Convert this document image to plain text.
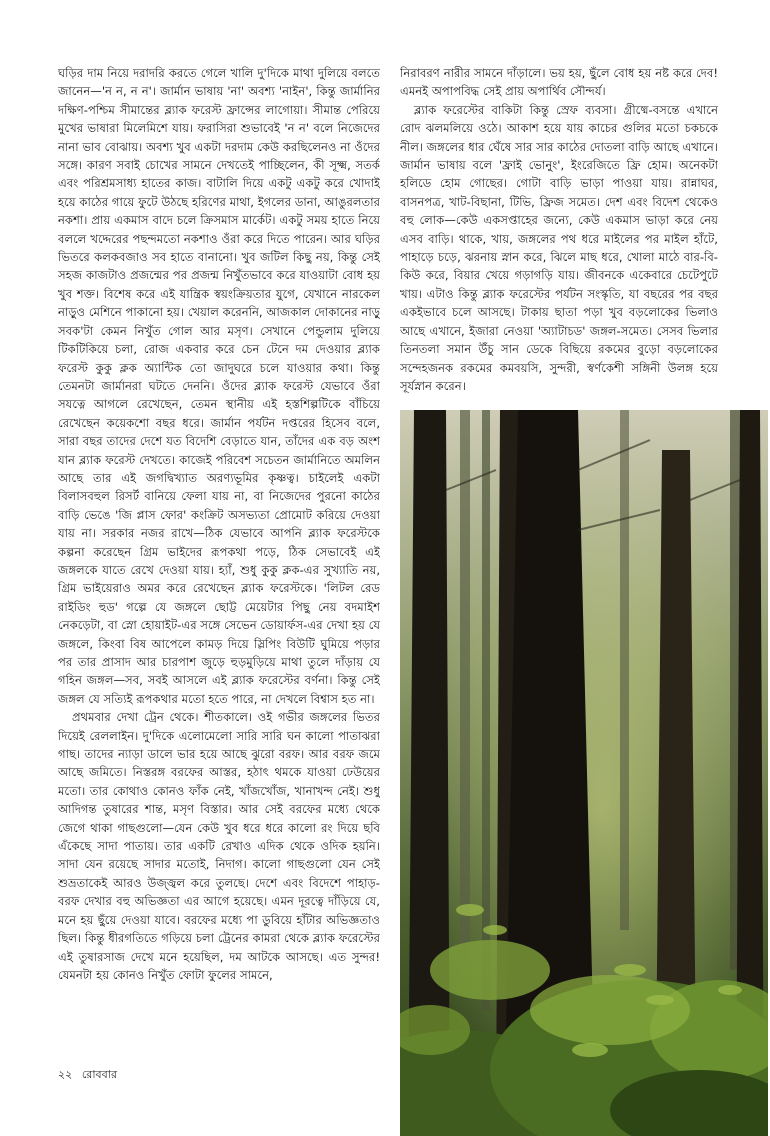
ঘড়ির দাম নিয়ে দরাদরি করতে গেলে খালি দু'দিকে মাথা দুলিয়ে বলতে জানেন—'ন ন, ন ন'। জার্মান ভাষায় 'না' অবশ্য 'নাইন', কিন্তু জার্মানির দক্ষিণ-পশ্চিম সীমান্তের ব্ল্যাক ফরেস্ট ফ্রান্সের লাগোয়া। সীমান্ত পেরিয়ে মুখের ভাষারা মিলেমিশে যায়। ফরাসিরা শুভাবেই 'ন ন' বলে নিজেদের নানা ভাব বোঝায়। অবশ্য খুব একটা দরদাম কেউ করছিলেনও না ওঁদের সঙ্গে। কারণ সবাই চোখের সামনে দেখতেই পাচ্ছিলেন, কী সূক্ষ্ম, সতর্ক এবং পরিশ্রমসাধ্য হাতের কাজ। বাটালি দিয়ে একটু একটু করে খোদাই হয়ে কাঠের গায়ে ফুটে উঠছে হরিণের মাথা, ইগলের ডানা, আঙুরলতার নকশা। প্রায় একমাস বাদে চলে ক্রিসমাস মার্কেট। একটু সময় হাতে নিয়ে বললে খদ্দেরের পছন্দমতো নকশাও ওঁরা করে দিতে পারেন। আর ঘড়ির ভিতরে কলকবজাও সব হাতে বানানো। খুব জটিল কিছু নয়, কিন্তু সেই সহজ কাজটাও প্রজন্মের পর প্রজন্ম নিখুঁতভাবে করে যাওয়াটা বোধ হয় খুব শক্ত। বিশেষ করে এই যান্ত্রিক স্বয়ংক্রিয়তার যুগে, যেখানে নারকেল নাড়ুও মেশিনে পাকানো হয়। খেয়াল করেননি, আজকাল দোকানের নাড়ু সবক'টা কেমন নিখুঁত গোল আর মসৃণ। সেখানে পেন্ডুলাম দুলিয়ে টিকটিকিয়ে চলা, রোজ একবার করে চেন টেনে দম দেওয়ার ব্ল্যাক ফরেস্ট কুকু ক্লক অ্যান্টিক তো জাদুঘরে চলে যাওয়ার কথা। কিন্তু তেমনটা জার্মানরা ঘটতে দেননি। ওঁদের ব্ল্যাক ফরেস্ট যেভাবে ওঁরা সযত্নে আগলে রেখেছেন, তেমন স্থানীয় এই হস্তশিল্পটিকে বাঁচিয়ে রেখেছেন কয়েকশো বছর ধরে। জার্মান পর্যটন দপ্তরের হিসেব বলে, সারা বছর তাদের দেশে যত বিদেশি বেড়াতে যান, তাঁদের এক বড় অংশ যান ব্ল্যাক ফরেস্ট দেখতে। কাজেই পরিবেশ সচেতন জার্মানিতে অমলিন আছে তার এই জগদ্বিখ্যাত অরণ্যভূমির কৃষ্ণত্ব। চাইলেই একটা বিলাসবহুল রিসর্ট বানিয়ে ফেলা যায় না, বা নিজেদের পুরনো কাঠের বাড়ি ভেঙে 'জি প্লাস ফোর' কংক্রিট অসভ্যতা প্রোমোট করিয়ে দেওয়া যায় না। সরকার নজর রাখে—ঠিক যেভাবে আপনি ব্ল্যাক ফরেস্টকে কল্পনা করেছেন গ্রিম ভাইদের রূপকথা পড়ে, ঠিক সেভাবেই এই জঙ্গলকে যাতে রেখে দেওয়া যায়। হ্যাঁ, শুধু কুকু ক্লক-এর সুখ্যাতি নয়, গ্রিম ভাইয়েরাও অমর করে রেখেছেন ব্ল্যাক ফরেস্টকে। 'লিটল রেড রাইডিং হুড' গল্পে যে জঙ্গলে ছোট্ট মেয়েটার পিছু নেয় বদমাইশ নেকড়েটা, বা স্নো হোয়াইট-এর সঙ্গে সেভেন ডোয়ার্ফস-এর দেখা হয় যে জঙ্গলে, কিংবা বিষ আপেলে কামড় দিয়ে স্লিপিং বিউটি ঘুমিয়ে পড়ার পর তার প্রাসাদ আর চারপাশ জুড়ে হুড়মুড়িয়ে মাথা তুলে দাঁড়ায় যে গহিন জঙ্গল—সব, সবই আসলে এই ব্ল্যাক ফরেস্টের বর্ণনা। কিন্তু সেই জঙ্গল যে সত্যিই রূপকথার মতো হতে পারে, না দেখলে বিশ্বাস হত না।

প্রথমবার দেখা ট্রেন থেকে। শীতকালে। ওই গভীর জঙ্গলের ভিতর দিয়েই রেললাইন। দু'দিকে এলোমেলো সারি সারি ঘন কালো পাতাঝরা গাছ। তাদের ন্যাড়া ডালে ভার হয়ে আছে ঝুরো বরফ। আর বরফ জমে আছে জমিতে। নিস্তরঙ্গ বরফের আস্তর, হঠাৎ থমকে যাওয়া ঢেউয়ের মতো। তার কোথাও কোনও ফাঁক নেই, খাঁজখোঁজ, খানাখন্দ নেই। শুধু আদিগন্ত তুষারের শান্ত, মসৃণ বিস্তার। আর সেই বরফের মধ্যে থেকে জেগে থাকা গাছগুলো—যেন কেউ খুব ধরে ধরে কালো রং দিয়ে ছবি এঁকেছে সাদা পাতায়। তার একটি রেখাও এদিক থেকে ওদিক হয়নি। সাদা যেন রয়েছে সাদার মতোই, নিদাগ। কালো গাছগুলো যেন সেই শুভ্রতাকেই আরও উজ্জ্বল করে তুলছে। দেশে এবং বিদেশে পাহাড়-বরফ দেখার বহু অভিজ্ঞতা এর আগে হয়েছে। এমন দূরত্বে দাঁড়িয়ে যে, মনে হয় ছুঁয়ে দেওয়া যাবে। বরফের মধ্যে পা ডুবিয়ে হাঁটার অভিজ্ঞতাও ছিল। কিন্তু ধীরগতিতে গড়িয়ে চলা ট্রেনের কামরা থেকে ব্ল্যাক ফরেস্টের এই তুষারসাজ দেখে মনে হয়েছিল, দম আটকে আসছে। এত সুন্দর! যেমনটা হয় কোনও নিখুঁত ফোটা ফুলের সামনে,

নিরাবরণ নারীর সামনে দাঁড়ালে। ভয় হয়, ছুঁলে বোধ হয় নষ্ট করে দেব! এমনই অপাপবিদ্ধ সেই প্রায় অপার্থিব সৌন্দর্য।

ব্ল্যাক ফরেস্টের বাকিটা কিন্তু স্রেফ ব্যবসা। গ্রীষ্মে-বসন্তে এখানে রোদ ঝলমলিয়ে ওঠে। আকাশ হয়ে যায় কাচের গুলির মতো চকচকে নীল। জঙ্গলের ধার ঘেঁষে সার সার কাঠের দোতলা বাড়ি আছে এখানে। জার্মান ভাষায় বলে 'ফ্রাই ভোনুং', ইংরেজিতে ফ্রি হোম। অনেকটা হলিডে হোম গোছের। গোটা বাড়ি ভাড়া পাওয়া যায়। রান্নাঘর, বাসনপত্র, খাট-বিছানা, টিভি, ফ্রিজ সমেত। দেশ এবং বিদেশ থেকেও বহু লোক—কেউ একসপ্তাহের জন্যে, কেউ একমাস ভাড়া করে নেয় এসব বাড়ি। থাকে, খায়, জঙ্গলের পথ ধরে মাইলের পর মাইল হাঁটে, পাহাড়ে চড়ে, ঝরনায় স্নান করে, ঝিলে মাছ ধরে, খোলা মাঠে বার-বি-কিউ করে, বিয়ার খেয়ে গড়াগড়ি যায়। জীবনকে একেবারে চেটেপুটে খায়। এটাও কিন্তু ব্ল্যাক ফরেস্টের পর্যটন সংস্কৃতি, যা বছরের পর বছর একইভাবে চলে আসছে। টাকায় ছাতা পড়া খুব বড়লোকের ভিলাও আছে এখানে, ইজারা নেওয়া 'অ্যাটাচড' জঙ্গল-সমেত। সেসব ভিলার তিনতলা সমান উঁচু সান ডেকে বিছিয়ে রকমের বুড়ো বড়লোকের সন্দেহজনক রকমের কমবয়সি, সুন্দরী, স্বর্ণকেশী সঙ্গিনী উলঙ্গ হয়ে সূর্যস্নান করেন।

২২ রোববার
